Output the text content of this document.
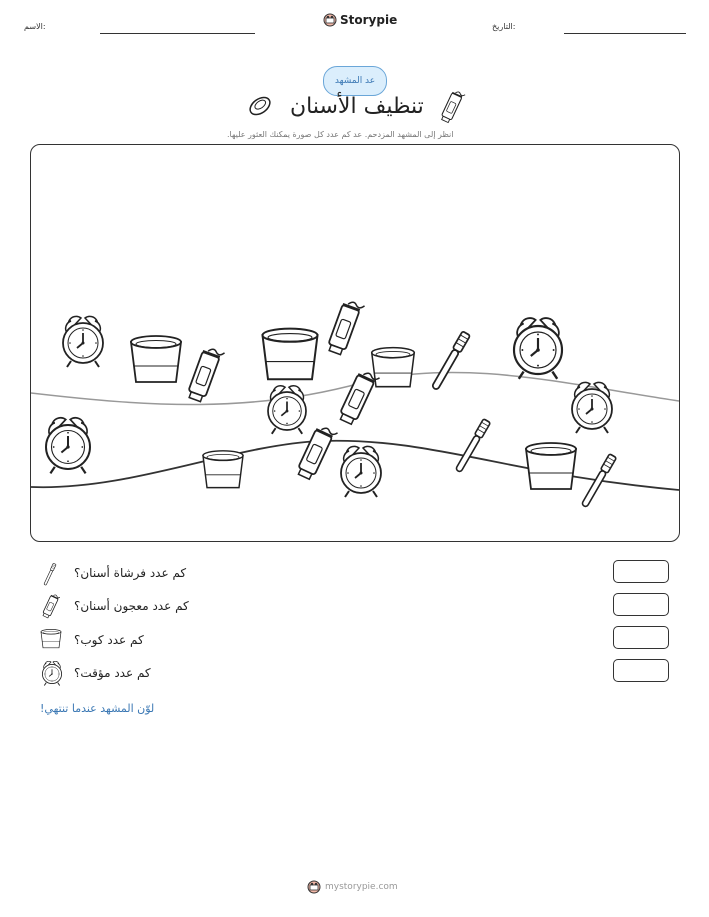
التاريخ:
الاسم:	Storypie
عد المشهد
تنظيف الأسنان
انظر إلى المشهد المزدحم. عد كم عدد كل صورة يمكنك العثور عليها.
كم عدد فرشاة أسنان؟
كم عدد معجون أسنان؟
كم عدد كوب؟
كم عدد مؤقت؟
لوّن المشهد عندما تنتهي!
mystorypie.com
